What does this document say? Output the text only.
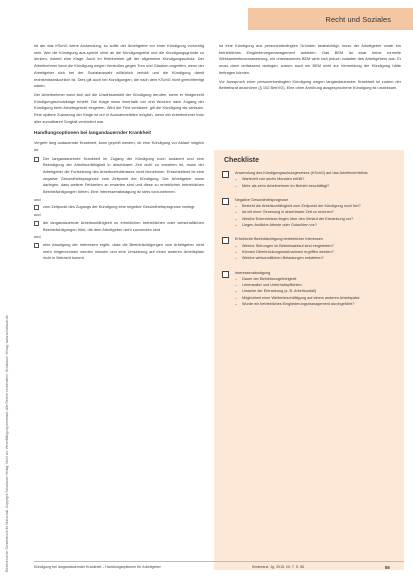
Recht und Soziales
Elektronischer Sonderdruck für Marschall, Copyright Schattauer Verlag; Nicht zur Vervielfältigung bestimmt; Alle Rechte vorbehalten; Schattauer Verlag, www.schattauer.de

Ist der das KSchG keine Anwendung, so sollte der Arbeitgeber vor einer Kündigung vorsichtig sein. Wer die Kündigung aus-spricht ohne an die Kündigungsfrist und die Kündigungsgründe zu denken, riskiert eine Klage. Auch im Kleinbetrieb gilt der allgemeine Kündigungsschutz: Der Arbeitnehmer kann die Kündigung wegen Verstoßes gegen Treu und Glauben angreifen, wenn der Arbeitgeber sich bei der Sozialauswahl willkürlich verhält und die Kündigung damit rechtsmissbräuchlich ist. Dies gilt auch bei Kündigungen, die nach dem KSchG nicht gerechtfertigt wären.

Der Arbeitnehmer kann sich auf die Unwirksamkeit der Kündigung berufen, wenn er fristgerecht Kündigungsschutzklage erhebt. Die Klage muss innerhalb von drei Wochen nach Zugang der Kündigung beim Arbeitsgericht eingehen. Wird die Frist versäumt, gilt die Kündigung als wirksam. Eine spätere Zulassung der Klage ist nur in Ausnahmefällen möglich, wenn der Arbeitnehmer trotz aller zumutbaren Sorgfalt verhindert war.

Handlungsoptionen bei langandauernder Krankheit

Vergeht lang andauernde Krankheit, kann geprüft werden, ob eine Kündigung vor Ablauf möglich ist:

Der langandauernde Krankheit im Zugang der Kündigung noch andauert und eine Beendigung der Arbeitsunfähigkeit in absehbarer Zeit nicht zu erwarten ist, muss der Arbeitgeber die Fortsetzung des Arbeitsverhältnisses nicht hinnehmen. Entscheidend ist eine negative Gesundheitsprognose zum Zeitpunkt der Kündigung. Der Arbeitgeber muss darlegen, dass weitere Fehlzeiten zu erwarten sind und diese zu erheblichen betrieblichen Beeinträchtigungen führen. Eine Interessenabwägung ist stets vorzunehmen.
und
zum Zeitpunkt des Zugangs der Kündigung eine negative Gesundheitsprognose vorliegt
und
die langandauernde Arbeitsunfähigkeit zu erheblichen betrieblichen oder wirtschaftlichen Beeinträchtigungen führt, die dem Arbeitgeber nicht zuzumuten sind
und
eine Abwägung der Interessen ergibt, dass die Beeinträchtigungen vom Arbeitgeber nicht mehr hingenommen werden müssen und eine Umsetzung auf einen anderen Arbeitsplatz nicht in Betracht kommt.

Ist eine Kündigung aus personenbedingten Gründen beabsichtigt, muss der Arbeitgeber vorab ein betriebliches Eingliederungsmanagement anbieten. Das BEM ist zwar keine formelle Wirksamkeitsvoraussetzung, ein unterlassenes BEM wirkt sich jedoch zulasten des Arbeitgebers aus. Er muss dann umfassend darlegen, warum auch ein BEM nicht zur Vermeidung der Kündigung hätte beitragen können.

Vor Ausspruch einer personenbedingten Kündigung wegen langandauernder Krankheit ist zudem der Betriebsrat anzuhören (§ 102 BetrVG). Eine ohne Anhörung ausgesprochene Kündigung ist unwirksam.

Checkliste
Anwendung des Kündigungsschutzgesetzes (KSchG) auf das Arbeitsverhältnis
–	Wartezeit von sechs Monaten erfüllt?
–	Mehr als zehn Arbeitnehmer im Betrieb beschäftigt?
Negative Gesundheitsprognose
–	Besteht die Arbeitsunfähigkeit zum Zeitpunkt der Kündigung noch fort?
–	Ist mit einer Genesung in absehbarer Zeit zu rechnen?
–	Welche Erkenntnisse liegen über den Verlauf der Erkrankung vor?
–	Liegen ärztliche Atteste oder Gutachten vor?
Erhebliche Beeinträchtigung betrieblicher Interessen
–	Welche Störungen im Betriebsablauf sind eingetreten?
–	Können Überbrückungsmaßnahmen ergriffen werden?
–	Welche wirtschaftlichen Belastungen entstehen?
Interessenabwägung
–	Dauer der Betriebszugehörigkeit
–	Lebensalter und Unterhaltspflichten
–	Ursache der Erkrankung (z. B. Arbeitsunfall)
–	Möglichkeit einer Weiterbeschäftigung auf einem anderen Arbeitsplatz
–	Wurde ein betriebliches Eingliederungsmanagement durchgeführt?
Kündigung bei langandauernder Krankheit – Handlungsoptionen für Arbeitgeber	Kinderarzt. Jg. 2015, Nr. 7, S. 56	55
